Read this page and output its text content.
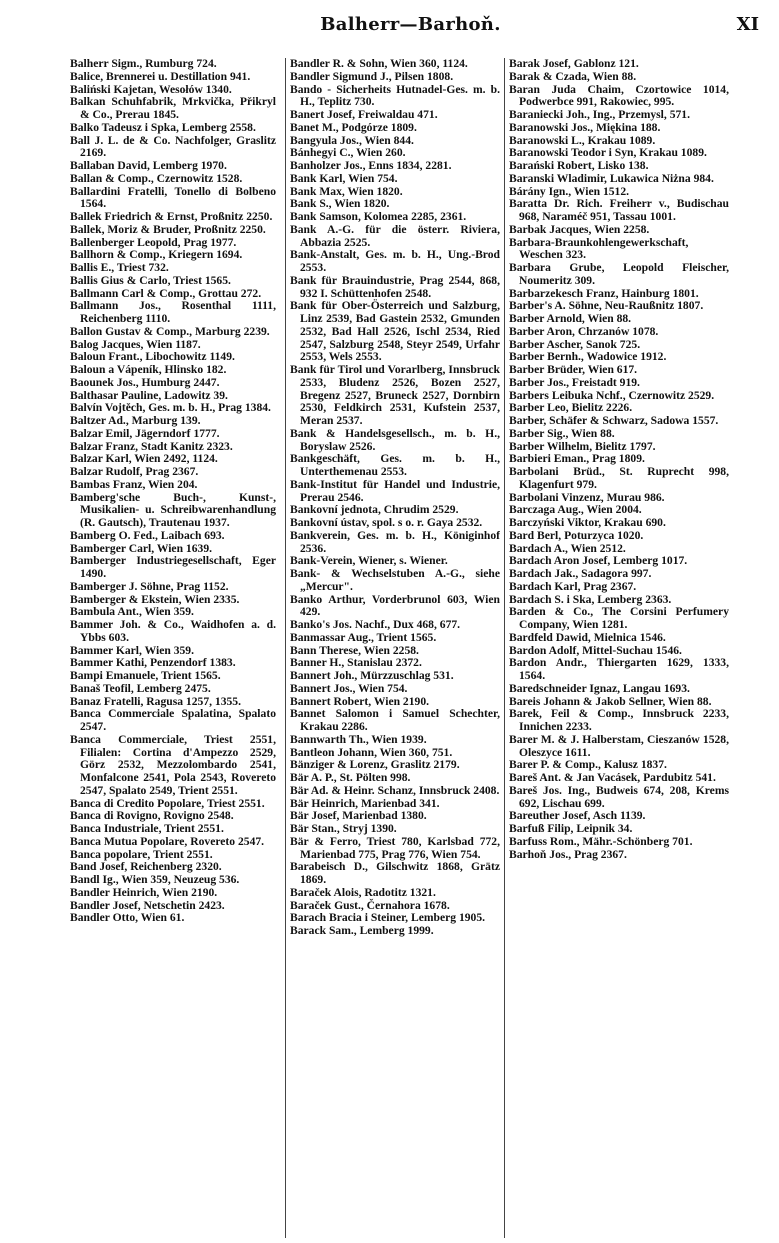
Balherr—Barhoň.	XI

Balherr Sigm., Rumburg 724.

Balice, Brennerei u. Destillation 941.

Baliński Kajetan, Wesołów 1340.

Balkan Schuhfabrik, Mrkvička, Přikryl & Co., Prerau 1845.

Balko Tadeusz i Spka, Lemberg 2558.

Ball J. L. de & Co. Nachfolger, Graslitz 2169.

Ballaban David, Lemberg 1970.

Ballan & Comp., Czernowitz 1528.

Ballardini Fratelli, Tonello di Bolbeno 1564.

Ballek Friedrich & Ernst, Proßnitz 2250.

Ballek, Moriz & Bruder, Proßnitz 2250.

Ballenberger Leopold, Prag 1977.

Ballhorn & Comp., Kriegern 1694.

Ballis E., Triest 732.

Ballis Gius & Carlo, Triest 1565.

Ballmann Carl & Comp., Grottau 272.

Ballmann Jos., Rosenthal 1111, Reichenberg 1110.

Ballon Gustav & Comp., Marburg 2239.

Balog Jacques, Wien 1187.

Baloun Frant., Libochowitz 1149.

Baloun a Vápeník, Hlinsko 182.

Baounek Jos., Humburg 2447.

Balthasar Pauline, Ladowitz 39.

Balvín Vojtěch, Ges. m. b. H., Prag 1384.

Baltzer Ad., Marburg 139.

Balzar Emil, Jägerndorf 1777.

Balzar Franz, Stadt Kanitz 2323.

Balzar Karl, Wien 2492, 1124.

Balzar Rudolf, Prag 2367.

Bambas Franz, Wien 204.

Bamberg'sche Buch-, Kunst-, Musikalien- u. Schreibwarenhandlung (R. Gautsch), Trautenau 1937.

Bamberg O. Fed., Laibach 693.

Bamberger Carl, Wien 1639.

Bamberger Industriegesellschaft, Eger 1490.

Bamberger J. Söhne, Prag 1152.

Bamberger & Ekstein, Wien 2335.

Bambula Ant., Wien 359.

Bammer Joh. & Co., Waidhofen a. d. Ybbs 603.

Bammer Karl, Wien 359.

Bammer Kathi, Penzendorf 1383.

Bampi Emanuele, Trient 1565.

Banaš Teofil, Lemberg 2475.

Banaz Fratelli, Ragusa 1257, 1355.

Banca Commerciale Spalatina, Spalato 2547.

Banca Commerciale, Triest 2551, Filialen: Cortina d'Ampezzo 2529, Görz 2532, Mezzolombardo 2541, Monfalcone 2541, Pola 2543, Rovereto 2547, Spalato 2549, Trient 2551.

Banca di Credito Popolare, Triest 2551.

Banca di Rovigno, Rovigno 2548.

Banca Industriale, Trient 2551.

Banca Mutua Popolare, Rovereto 2547.

Banca popolare, Trient 2551.

Band Josef, Reichenberg 2320.

Bandl Ig., Wien 359, Neuzeug 536.

Bandler Heinrich, Wien 2190.

Bandler Josef, Netschetin 2423.

Bandler Otto, Wien 61.

Bandler R. & Sohn, Wien 360, 1124.

Bandler Sigmund J., Pilsen 1808.

Bando - Sicherheits Hutnadel-Ges. m. b. H., Teplitz 730.

Banert Josef, Freiwaldau 471.

Banet M., Podgórze 1809.

Bangyula Jos., Wien 844.

Bánhegyi C., Wien 260.

Banholzer Jos., Enns 1834, 2281.

Bank Karl, Wien 754.

Bank Max, Wien 1820.

Bank S., Wien 1820.

Bank Samson, Kolomea 2285, 2361.

Bank A.-G. für die österr. Riviera, Abbazia 2525.

Bank-Anstalt, Ges. m. b. H., Ung.-Brod 2553.

Bank für Brauindustrie, Prag 2544, 868, 932 I. Schüttenhofen 2548.

Bank für Ober-Österreich und Salzburg, Linz 2539, Bad Gastein 2532, Gmunden 2532, Bad Hall 2526, Ischl 2534, Ried 2547, Salzburg 2548, Steyr 2549, Urfahr 2553, Wels 2553.

Bank für Tirol und Vorarlberg, Innsbruck 2533, Bludenz 2526, Bozen 2527, Bregenz 2527, Bruneck 2527, Dornbirn 2530, Feldkirch 2531, Kufstein 2537, Meran 2537.

Bank & Handelsgesellsch., m. b. H., Boryslaw 2526.

Bankgeschäft, Ges. m. b. H., Unterthemenau 2553.

Bank-Institut für Handel und Industrie, Prerau 2546.

Bankovní jednota, Chrudim 2529.

Bankovní ústav, spol. s o. r. Gaya 2532.

Bankverein, Ges. m. b. H., Königinhof 2536.

Bank-Verein, Wiener, s. Wiener.

Bank- & Wechselstuben A.-G., siehe „Mercur".

Banko Arthur, Vorderbrunol 603, Wien 429.

Banko's Jos. Nachf., Dux 468, 677.

Banmassar Aug., Trient 1565.

Bann Therese, Wien 2258.

Banner H., Stanislau 2372.

Bannert Joh., Mürzzuschlag 531.

Bannert Jos., Wien 754.

Bannert Robert, Wien 2190.

Bannet Salomon i Samuel Schechter, Krakau 2286.

Bannwarth Th., Wien 1939.

Bantleon Johann, Wien 360, 751.

Bänziger & Lorenz, Graslitz 2179.

Bär A. P., St. Pölten 998.

Bär Ad. & Heinr. Schanz, Innsbruck 2408.

Bär Heinrich, Marienbad 341.

Bär Josef, Marienbad 1380.

Bär Stan., Stryj 1390.

Bär & Ferro, Triest 780, Karlsbad 772, Marienbad 775, Prag 776, Wien 754.

Barabeisch D., Gilschwitz 1868, Grätz 1869.

Baraček Alois, Radotitz 1321.

Baraček Gust., Černahora 1678.

Barach Bracia i Steiner, Lemberg 1905.

Barack Sam., Lemberg 1999.

Barak Josef, Gablonz 121.

Barak & Czada, Wien 88.

Baran Juda Chaim, Czortowice 1014, Podwerbce 991, Rakowiec, 995.

Baraniecki Joh., Ing., Przemysl, 571.

Baranowski Jos., Miękina 188.

Baranowski L., Krakau 1089.

Baranowski Teodor i Syn, Krakau 1089.

Barański Robert, Lisko 138.

Baranski Wladimir, Lukawica Niżna 984.

Bárány Ign., Wien 1512.

Baratta Dr. Rich. Freiherr v., Budischau 968, Naraméč 951, Tassau 1001.

Barbak Jacques, Wien 2258.

Barbara-Braunkohlengewerkschaft, Weschen 323.

Barbara Grube, Leopold Fleischer, Noumeritz 309.

Barbarzekesch Franz, Hainburg 1801.

Barber's A. Söhne, Neu-Raußnitz 1807.

Barber Arnold, Wien 88.

Barber Aron, Chrzanów 1078.

Barber Ascher, Sanok 725.

Barber Bernh., Wadowice 1912.

Barber Brüder, Wien 617.

Barber Jos., Freistadt 919.

Barbers Leibuka Nchf., Czernowitz 2529.

Barber Leo, Bielitz 2226.

Barber, Schäfer & Schwarz, Sadowa 1557.

Barber Sig., Wien 88.

Barber Wilhelm, Bielitz 1797.

Barbieri Eman., Prag 1809.

Barbolani Brüd., St. Ruprecht 998, Klagenfurt 979.

Barbolani Vinzenz, Murau 986.

Barczaga Aug., Wien 2004.

Barczyński Viktor, Krakau 690.

Bard Berl, Poturzyca 1020.

Bardach A., Wien 2512.

Bardach Aron Josef, Lemberg 1017.

Bardach Jak., Sadagora 997.

Bardach Karl, Prag 2367.

Bardach S. i Ska, Lemberg 2363.

Barden & Co., The Corsini Perfumery Company, Wien 1281.

Bardfeld Dawid, Mielnica 1546.

Bardon Adolf, Mittel-Suchau 1546.

Bardon Andr., Thiergarten 1629, 1333, 1564.

Baredschneider Ignaz, Langau 1693.

Bareis Johann & Jakob Sellner, Wien 88.

Barek, Feil & Comp., Innsbruck 2233, Innichen 2233.

Barer M. & J. Halberstam, Cieszanów 1528, Oleszyce 1611.

Barer P. & Comp., Kalusz 1837.

Bareš Ant. & Jan Vacásek, Pardubitz 541.

Bareš Jos. Ing., Budweis 674, 208, Krems 692, Lischau 699.

Bareuther Josef, Asch 1139.

Barfuß Filip, Leipnik 34.

Barfuss Rom., Mähr.-Schönberg 701.

Barhoň Jos., Prag 2367.
